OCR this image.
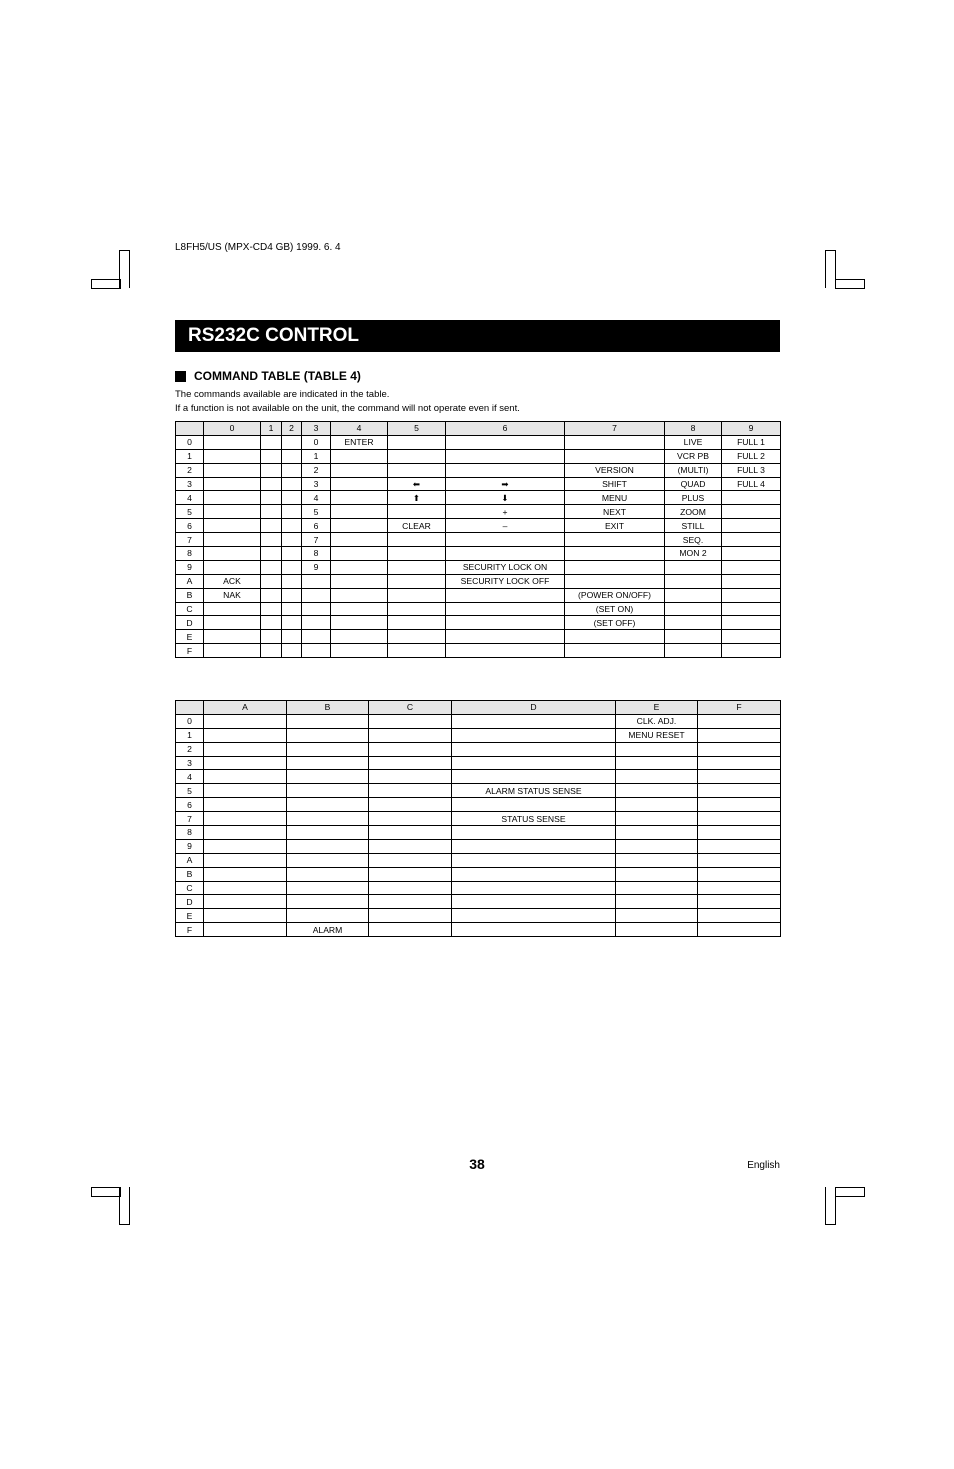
L8FH5/US (MPX-CD4 GB) 1999. 6. 4
RS232C CONTROL
COMMAND TABLE (TABLE 4)
The commands available are indicated in the table.
If a function is not available on the unit, the command will not operate even if sent.
	0	1	2	3	4	5	6	7	8	9
0				0	ENTER				LIVE	FULL 1
1				1					VCR PB	FULL 2
2				2				VERSION	(MULTI)	FULL 3
3				3		⬅	➡	SHIFT	QUAD	FULL 4
4				4		⬆	⬇	MENU	PLUS	
5				5			+	NEXT	ZOOM	
6				6		CLEAR	–	EXIT	STILL	
7				7					SEQ.	
8				8					MON 2	
9				9			SECURITY LOCK ON			
A	ACK						SECURITY LOCK OFF			
B	NAK							(POWER ON/OFF)		
C								(SET ON)		
D								(SET OFF)		
E										
F										
	A	B	C	D	E	F
0					CLK. ADJ.	
1					MENU RESET	
2						
3						
4						
5				ALARM STATUS SENSE		
6						
7				STATUS SENSE		
8						
9						
A						
B						
C						
D						
E						
F		ALARM				
38	English
